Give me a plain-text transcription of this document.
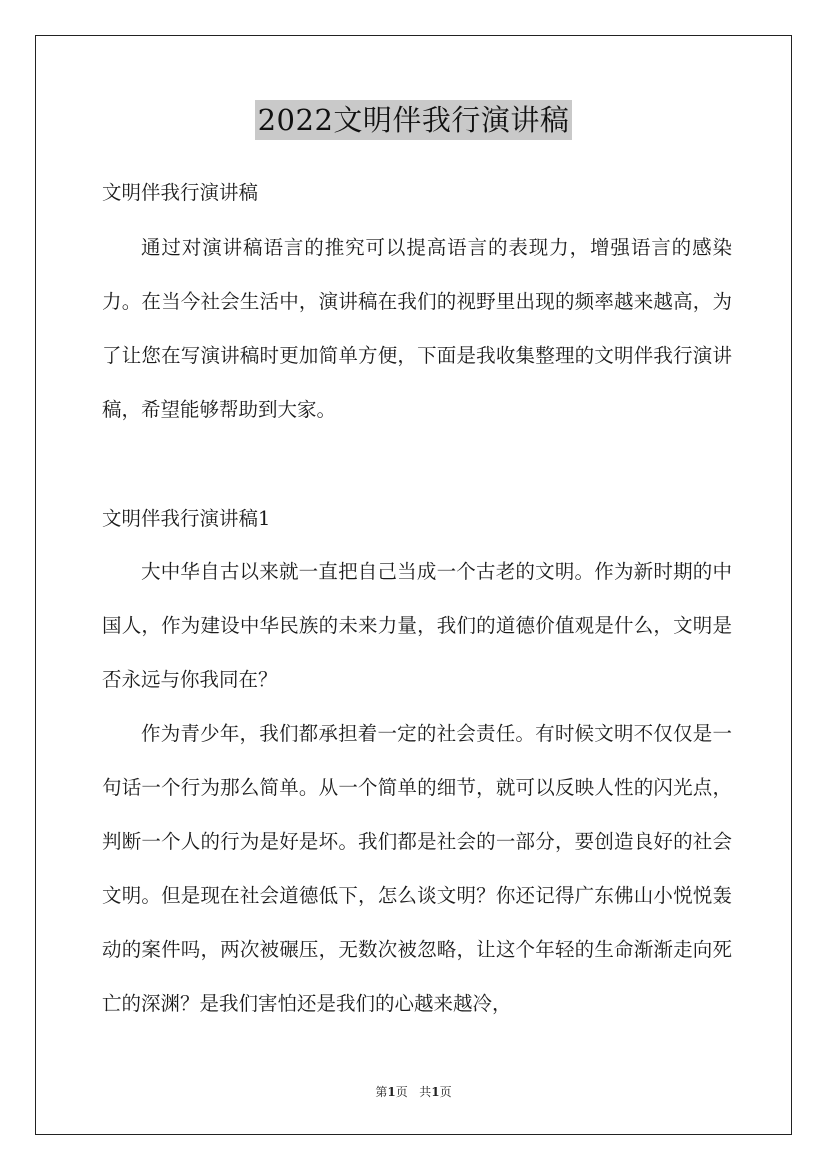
2022文明伴我行演讲稿

文明伴我行演讲稿

通过对演讲稿语言的推究可以提高语言的表现力，增强语言的感染力。在当今社会生活中，演讲稿在我们的视野里出现的频率越来越高，为了让您在写演讲稿时更加简单方便，下面是我收集整理的文明伴我行演讲稿，希望能够帮助到大家。

文明伴我行演讲稿1

大中华自古以来就一直把自己当成一个古老的文明。作为新时期的中国人，作为建设中华民族的未来力量，我们的道德价值观是什么，文明是否永远与你我同在？

作为青少年，我们都承担着一定的社会责任。有时候文明不仅仅是一句话一个行为那么简单。从一个简单的细节，就可以反映人性的闪光点，判断一个人的行为是好是坏。我们都是社会的一部分，要创造良好的社会文明。但是现在社会道德低下，怎么谈文明？你还记得广东佛山小悦悦轰动的案件吗，两次被碾压，无数次被忽略，让这个年轻的生命渐渐走向死亡的深渊？是我们害怕还是我们的心越来越冷，

第1页 共1页
